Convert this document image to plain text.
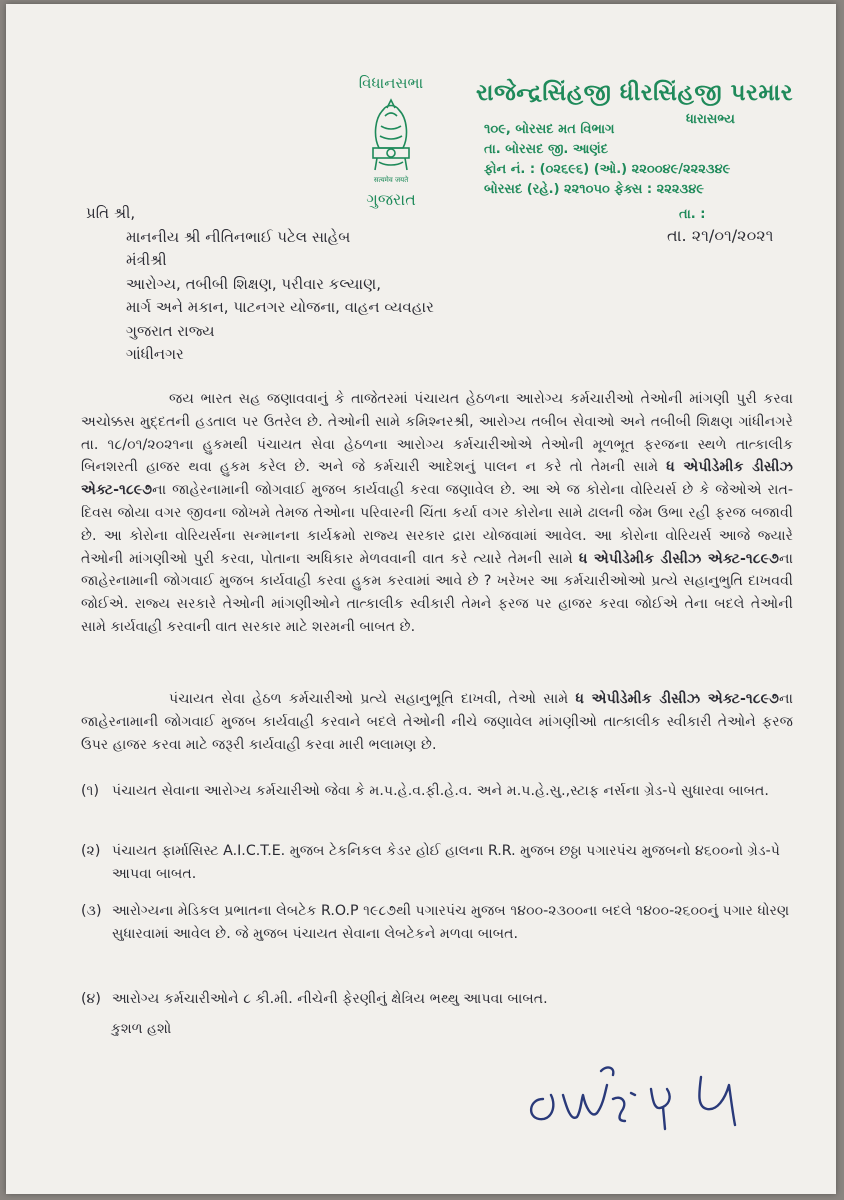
વિધાનસભા
सत्यमेव जयते
ગુજરાત
રાજેન્દ્રસિંહજી ધીરસિંહજી પરમાર
ધારાસભ્ય
૧૦૯, બોરસદ મત વિભાગ
તા. બોરસદ જી. આણંદ
ફોન નં. : (૦૨૬૯૬) (ઓ.) ૨૨૦૦૪૯/૨૨૨૩૪૯
બોરસદ (રહે.) ૨૨૧૦૫૦ ફેક્સ : ૨૨૨૩૪૯
તા. :
તા. ૨૧/૦૧/૨૦૨૧
પ્રતિ શ્રી,
માનનીય શ્રી નીતિનભાઈ પટેલ સાહેબ
મંત્રીશ્રી
આરોગ્ય, તબીબી શિક્ષણ, પરીવાર કલ્યાણ,
માર્ગ અને મકાન, પાટનગર યોજના, વાહન વ્યવહાર
ગુજરાત રાજ્ય
ગાંધીનગર
જય ભારત સહ જણાવવાનું કે તાજેતરમાં પંચાયત હેઠળના આરોગ્ય કર્મચારીઓ તેઓની માંગણી પુરી કરવા અચોક્કસ મુદ્દતની હડતાલ પર ઉતરેલ છે. તેઓની સામે કમિશ્નરશ્રી, આરોગ્ય તબીબ સેવાઓ અને તબીબી શિક્ષણ ગાંધીનગરે તા. ૧૮/૦૧/૨૦૨૧ના હુકમથી પંચાયત સેવા હેઠળના આરોગ્ય કર્મચારીઓએ તેઓની મૂળભૂત ફરજના સ્થળે તાત્કાલીક બિનશરતી હાજર થવા હુકમ કરેલ છે. અને જે કર્મચારી આદેશનું પાલન ન કરે તો તેમની સામે ધ એપીડેમીક ડીસીઝ એક્ટ-૧૮૯૭ના જાહેરનામાની જોગવાઈ મુજબ કાર્યવાહી કરવા જણાવેલ છે. આ એ જ કોરોના વોરિયર્સ છે કે જેઓએ રાત-દિવસ જોયા વગર જીવના જોખમે તેમજ તેઓના પરિવારની ચિંતા કર્યા વગર કોરોના સામે ઢાલની જેમ ઉભા રહી ફરજ બજાવી છે. આ કોરોના વોરિયર્સના સન્માનના કાર્યક્રમો રાજ્ય સરકાર દ્રારા યોજવામાં આવેલ. આ કોરોના વોરિયર્સ આજે જ્યારે તેઓની માંગણીઓ પુરી કરવા, પોતાના અધિકાર મેળવવાની વાત કરે ત્યારે તેમની સામે ધ એપીડેમીક ડીસીઝ એક્ટ-૧૮૯૭ના જાહેરનામાની જોગવાઈ મુજબ કાર્યવાહી કરવા હુકમ કરવામાં આવે છે ? ખરેખર આ કર્મચારીઓઓ પ્રત્યે સહાનુભુતિ દાખવવી જોઈએ. રાજ્ય સરકારે તેઓની માંગણીઓને તાત્કાલીક સ્વીકારી તેમને ફરજ પર હાજર કરવા જોઈએ તેના બદલે તેઓની સામે કાર્યવાહી કરવાની વાત સરકાર માટે શરમની બાબત છે.
પંચાયત સેવા હેઠળ કર્મચારીઓ પ્રત્યે સહાનુભૂતિ દાખવી, તેઓ સામે ધ એપીડેમીક ડીસીઝ એક્ટ-૧૮૯૭ના જાહેરનામાની જોગવાઈ મુજબ કાર્યવાહી કરવાને બદલે તેઓની નીચે જણાવેલ માંગણીઓ તાત્કાલીક સ્વીકારી તેઓને ફરજ ઉપર હાજર કરવા માટે જરૂરી કાર્યવાહી કરવા મારી ભલામણ છે.
(૧) પંચાયત સેવાના આરોગ્ય કર્મચારીઓ જેવા કે મ.પ.હે.વ.ફી.હે.વ. અને મ.પ.હે.સુ.,સ્ટાફ નર્સના ગ્રેડ-પે સુધારવા બાબત.
(૨) પંચાયત ફાર્માસિસ્ટ A.I.C.T.E. મુજબ ટેકનિકલ કેડર હોઈ હાલના R.R. મુજબ છઠ્ઠા પગારપંચ મુજબનો ૪૬૦૦નો ગ્રેડ-પે આપવા બાબત.
(૩) આરોગ્યના મેડિકલ પ્રભાતના લેબટેક R.O.P ૧૯૮૭થી પગારપંચ મુજબ ૧૪૦૦-૨૩૦૦ના બદલે ૧૪૦૦-૨૬૦૦નું પગાર ધોરણ સુધારવામાં આવેલ છે. જે મુજબ પંચાયત સેવાના લેબટેકને મળવા બાબત.
(૪) આરોગ્ય કર્મચારીઓને ૮ કી.મી. નીચેની ફેરણીનું ક્ષેત્રિય ભથ્થુ આપવા બાબત.
કુશળ હશો
